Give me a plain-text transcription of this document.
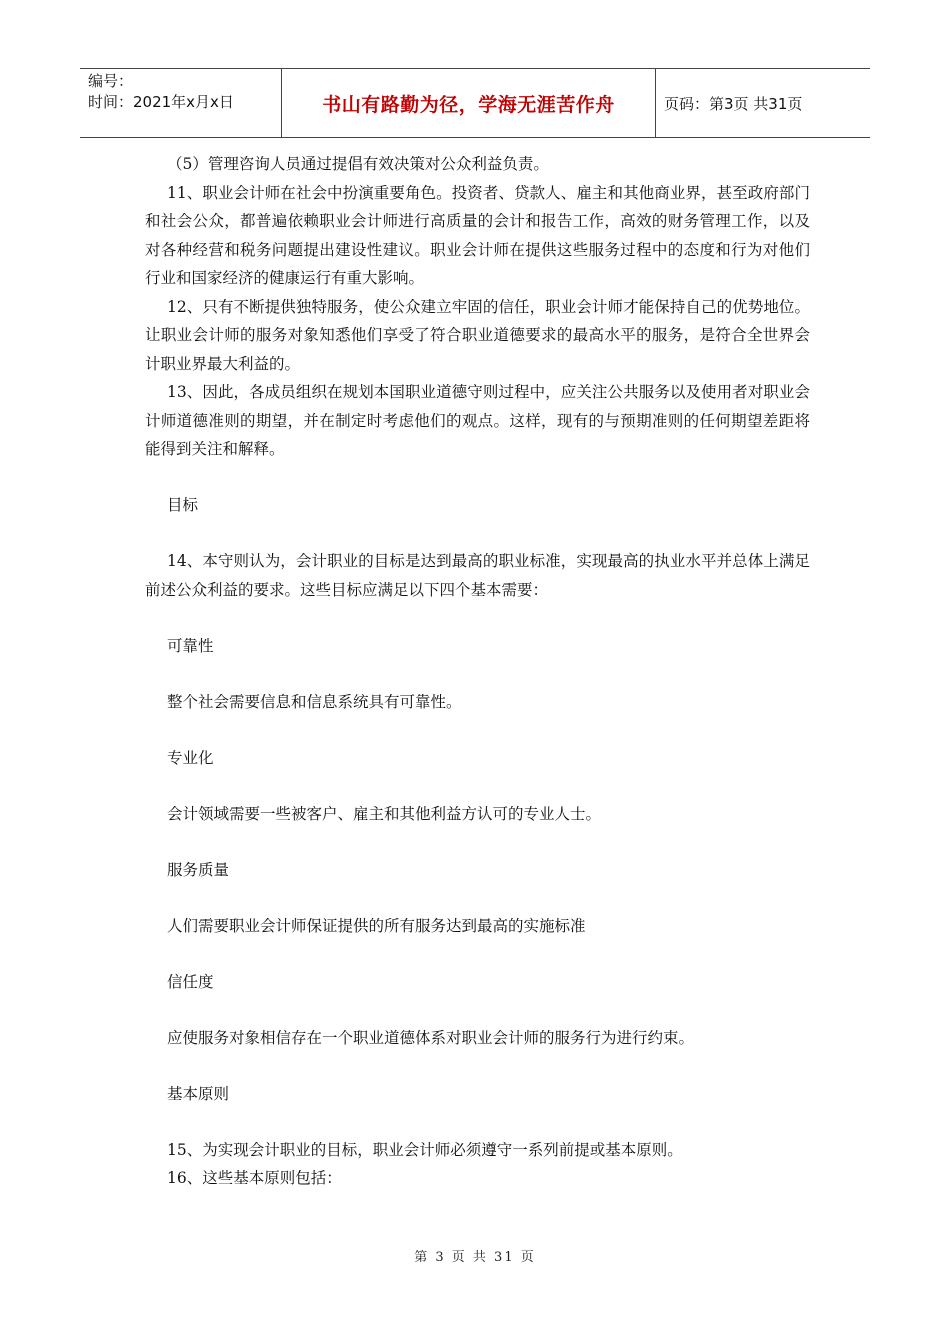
编号：
时间：2021年x月x日	书山有路勤为径，学海无涯苦作舟	页码：第3页 共31页

（5）管理咨询人员通过提倡有效决策对公众利益负责。

11、职业会计师在社会中扮演重要角色。投资者、贷款人、雇主和其他商业界，甚至政府部门和社会公众，都普遍依赖职业会计师进行高质量的会计和报告工作，高效的财务管理工作，以及对各种经营和税务问题提出建设性建议。职业会计师在提供这些服务过程中的态度和行为对他们行业和国家经济的健康运行有重大影响。

12、只有不断提供独特服务，使公众建立牢固的信任，职业会计师才能保持自己的优势地位。让职业会计师的服务对象知悉他们享受了符合职业道德要求的最高水平的服务，是符合全世界会计职业界最大利益的。

13、因此，各成员组织在规划本国职业道德守则过程中，应关注公共服务以及使用者对职业会计师道德准则的期望，并在制定时考虑他们的观点。这样，现有的与预期准则的任何期望差距将能得到关注和解释。

目标

14、本守则认为，会计职业的目标是达到最高的职业标准，实现最高的执业水平并总体上满足前述公众利益的要求。这些目标应满足以下四个基本需要：

可靠性

整个社会需要信息和信息系统具有可靠性。

专业化

会计领域需要一些被客户、雇主和其他利益方认可的专业人士。

服务质量

人们需要职业会计师保证提供的所有服务达到最高的实施标准

信任度

应使服务对象相信存在一个职业道德体系对职业会计师的服务行为进行约束。

基本原则

15、为实现会计职业的目标，职业会计师必须遵守一系列前提或基本原则。

16、这些基本原则包括：

第 3 页 共 31 页
